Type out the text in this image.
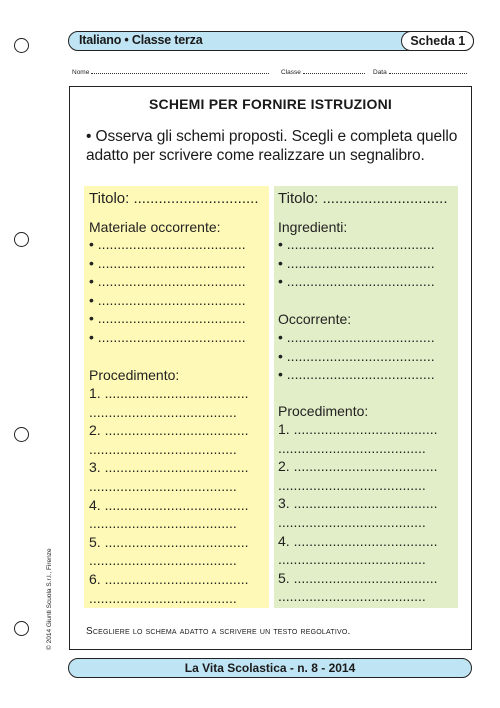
Italiano • Classe terza	Scheda 1
Nome	Classe	Data
SCHEMI PER FORNIRE ISTRUZIONI
• Osserva gli schemi proposti. Scegli e completa quello adatto per scrivere come realizzare un segnalibro.
Titolo: ..............................
Materiale occorrente:
• ......................................
• ......................................
• ......................................
• ......................................
• ......................................
• ......................................
Procedimento:
1. .....................................
......................................
2. .....................................
......................................
3. .....................................
......................................
4. .....................................
......................................
5. .....................................
......................................
6. .....................................
......................................
Titolo: ..............................
Ingredienti:
• ......................................
• ......................................
• ......................................
Occorrente:
• ......................................
• ......................................
• ......................................
Procedimento:
1. .....................................
......................................
2. .....................................
......................................
3. .....................................
......................................
4. .....................................
......................................
5. .....................................
......................................
Scegliere lo schema adatto a scrivere un testo regolativo.
© 2014 Giunti Scuola S.r.l., Firenze
La Vita Scolastica - n. 8 - 2014
